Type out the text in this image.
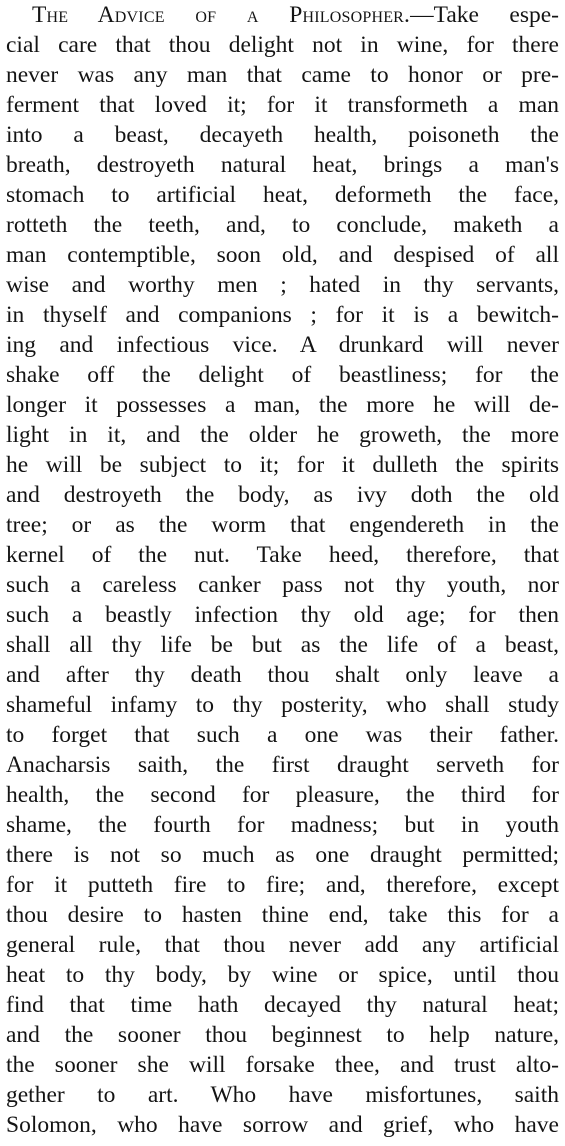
The Advice of a Philosopher.—Take espe-
cial care that thou delight not in wine, for there
never was any man that came to honor or pre-
ferment that loved it; for it transformeth a man
into a beast, decayeth health, poisoneth the
breath, destroyeth natural heat, brings a man's
stomach to artificial heat, deformeth the face,
rotteth the teeth, and, to conclude, maketh a
man contemptible, soon old, and despised of all
wise and worthy men ; hated in thy servants,
in thyself and companions ; for it is a bewitch-
ing and infectious vice. A drunkard will never
shake off the delight of beastliness; for the
longer it possesses a man, the more he will de-
light in it, and the older he groweth, the more
he will be subject to it; for it dulleth the spirits
and destroyeth the body, as ivy doth the old
tree; or as the worm that engendereth in the
kernel of the nut. Take heed, therefore, that
such a careless canker pass not thy youth, nor
such a beastly infection thy old age; for then
shall all thy life be but as the life of a beast,
and after thy death thou shalt only leave a
shameful infamy to thy posterity, who shall study
to forget that such a one was their father.
Anacharsis saith, the first draught serveth for
health, the second for pleasure, the third for
shame, the fourth for madness; but in youth
there is not so much as one draught permitted;
for it putteth fire to fire; and, therefore, except
thou desire to hasten thine end, take this for a
general rule, that thou never add any artificial
heat to thy body, by wine or spice, until thou
find that time hath decayed thy natural heat;
and the sooner thou beginnest to help nature,
the sooner she will forsake thee, and trust alto-
gether to art. Who have misfortunes, saith
Solomon, who have sorrow and grief, who have
